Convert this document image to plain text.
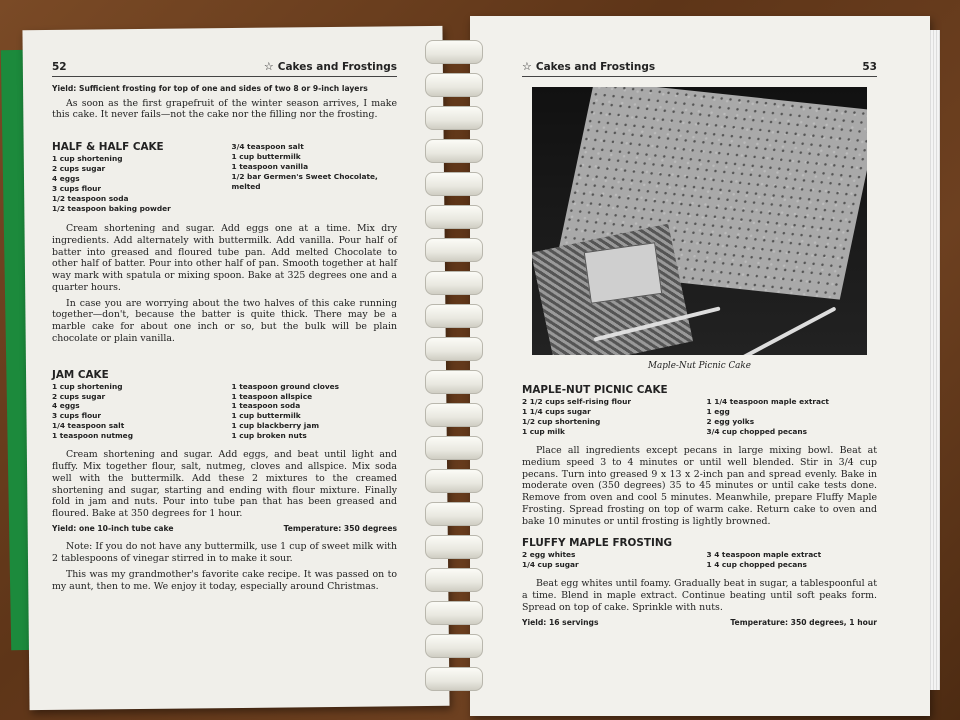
52	☆ Cakes and Frostings
Yield: Sufficient frosting for top of one and sides of two 8 or 9-inch layers

As soon as the first grapefruit of the winter season arrives, I make this cake. It never fails—not the cake nor the filling nor the frosting.

HALF & HALF CAKE
1 cup shortening
2 cups sugar
4 eggs
3 cups flour
1/2 teaspoon soda
1/2 teaspoon baking powder
3/4 teaspoon salt
1 cup buttermilk
1 teaspoon vanilla
1/2 bar Germen's Sweet Chocolate,
melted

Cream shortening and sugar. Add eggs one at a time. Mix dry ingredients. Add alternately with buttermilk. Add vanilla. Pour half of batter into greased and floured tube pan. Add melted Chocolate to other half of batter. Pour into other half of pan. Smooth together at half way mark with spatula or mixing spoon. Bake at 325 degrees one and a quarter hours.

In case you are worrying about the two halves of this cake running together—don't, because the batter is quite thick. There may be a marble cake for about one inch or so, but the bulk will be plain chocolate or plain vanilla.

JAM CAKE
1 cup shortening
2 cups sugar
4 eggs
3 cups flour
1/4 teaspoon salt
1 teaspoon nutmeg
1 teaspoon ground cloves
1 teaspoon allspice
1 teaspoon soda
1 cup buttermilk
1 cup blackberry jam
1 cup broken nuts

Cream shortening and sugar. Add eggs, and beat until light and fluffy. Mix together flour, salt, nutmeg, cloves and allspice. Mix soda well with the buttermilk. Add these 2 mixtures to the creamed shortening and sugar, starting and ending with flour mixture. Finally fold in jam and nuts. Pour into tube pan that has been greased and floured. Bake at 350 degrees for 1 hour.

Yield: one 10-inch tube cake	Temperature: 350 degrees

Note: If you do not have any buttermilk, use 1 cup of sweet milk with 2 tablespoons of vinegar stirred in to make it sour.

This was my grandmother's favorite cake recipe. It was passed on to my aunt, then to me. We enjoy it today, especially around Christmas.

☆ Cakes and Frostings	53
Maple-Nut Picnic Cake
MAPLE-NUT PICNIC CAKE
2 1/2 cups self-rising flour
1 1/4 cups sugar
1/2 cup shortening
1 cup milk
1 1/4 teaspoon maple extract
1 egg
2 egg yolks
3/4 cup chopped pecans

Place all ingredients except pecans in large mixing bowl. Beat at medium speed 3 to 4 minutes or until well blended. Stir in 3/4 cup pecans. Turn into greased 9 x 13 x 2-inch pan and spread evenly. Bake in moderate oven (350 degrees) 35 to 45 minutes or until cake tests done. Remove from oven and cool 5 minutes. Meanwhile, prepare Fluffy Maple Frosting. Spread frosting on top of warm cake. Return cake to oven and bake 10 minutes or until frosting is lightly browned.

FLUFFY MAPLE FROSTING
2 egg whites
1/4 cup sugar
3 4 teaspoon maple extract
1 4 cup chopped pecans

Beat egg whites until foamy. Gradually beat in sugar, a tablespoonful at a time. Blend in maple extract. Continue beating until soft peaks form. Spread on top of cake. Sprinkle with nuts.

Yield: 16 servings	Temperature: 350 degrees, 1 hour
